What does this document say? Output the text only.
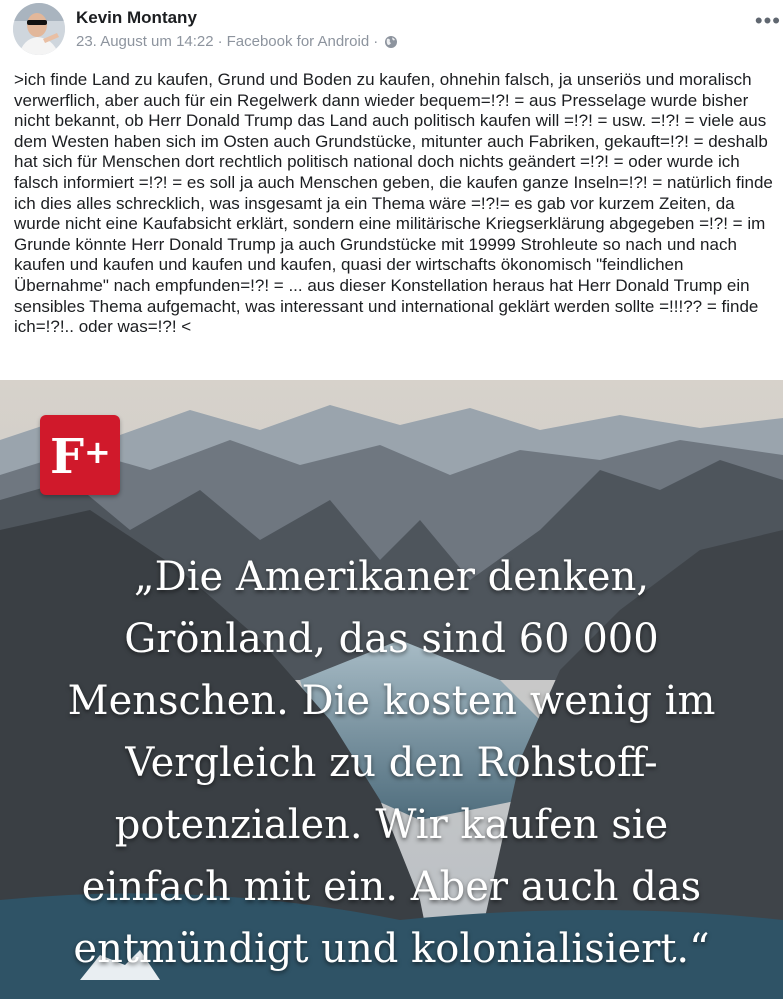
Kevin Montany
23. August um 14:22 · Facebook for Android ·
•••

>ich finde Land zu kaufen, Grund und Boden zu kaufen, ohnehin falsch, ja unseriös und moralisch verwerflich, aber auch für ein Regelwerk dann wieder bequem=!?! = aus Presselage wurde bisher nicht bekannt, ob Herr Donald Trump das Land auch politisch kaufen will =!?! = usw. =!?! = viele aus dem Westen haben sich im Osten auch Grundstücke, mitunter auch Fabriken, gekauft=!?! = deshalb hat sich für Menschen dort rechtlich politisch national doch nichts geändert =!?! = oder wurde ich falsch informiert =!?! = es soll ja auch Menschen geben, die kaufen ganze Inseln=!?! = natürlich finde ich dies alles schrecklich, was insgesamt ja ein Thema wäre =!?!= es gab vor kurzem Zeiten, da wurde nicht eine Kaufabsicht erklärt, sondern eine militärische Kriegserklärung abgegeben =!?! = im Grunde könnte Herr Donald Trump ja auch Grundstücke mit 19999 Strohleute so nach und nach kaufen und kaufen und kaufen und kaufen, quasi der wirtschafts ökonomisch "feindlichen Übernahme" nach empfunden=!?! = ... aus dieser Konstellation heraus hat Herr Donald Trump ein sensibles Thema aufgemacht, was interessant und international geklärt werden sollte =!!!?? = finde ich=!?!.. oder was=!?! <

F +
„Die Amerikaner denken,
Grönland, das sind 60 000
Menschen. Die kosten wenig im
Vergleich zu den Rohstoff-
potenzialen. Wir kaufen sie
einfach mit ein. Aber auch das
entmündigt und kolonialisiert.“
